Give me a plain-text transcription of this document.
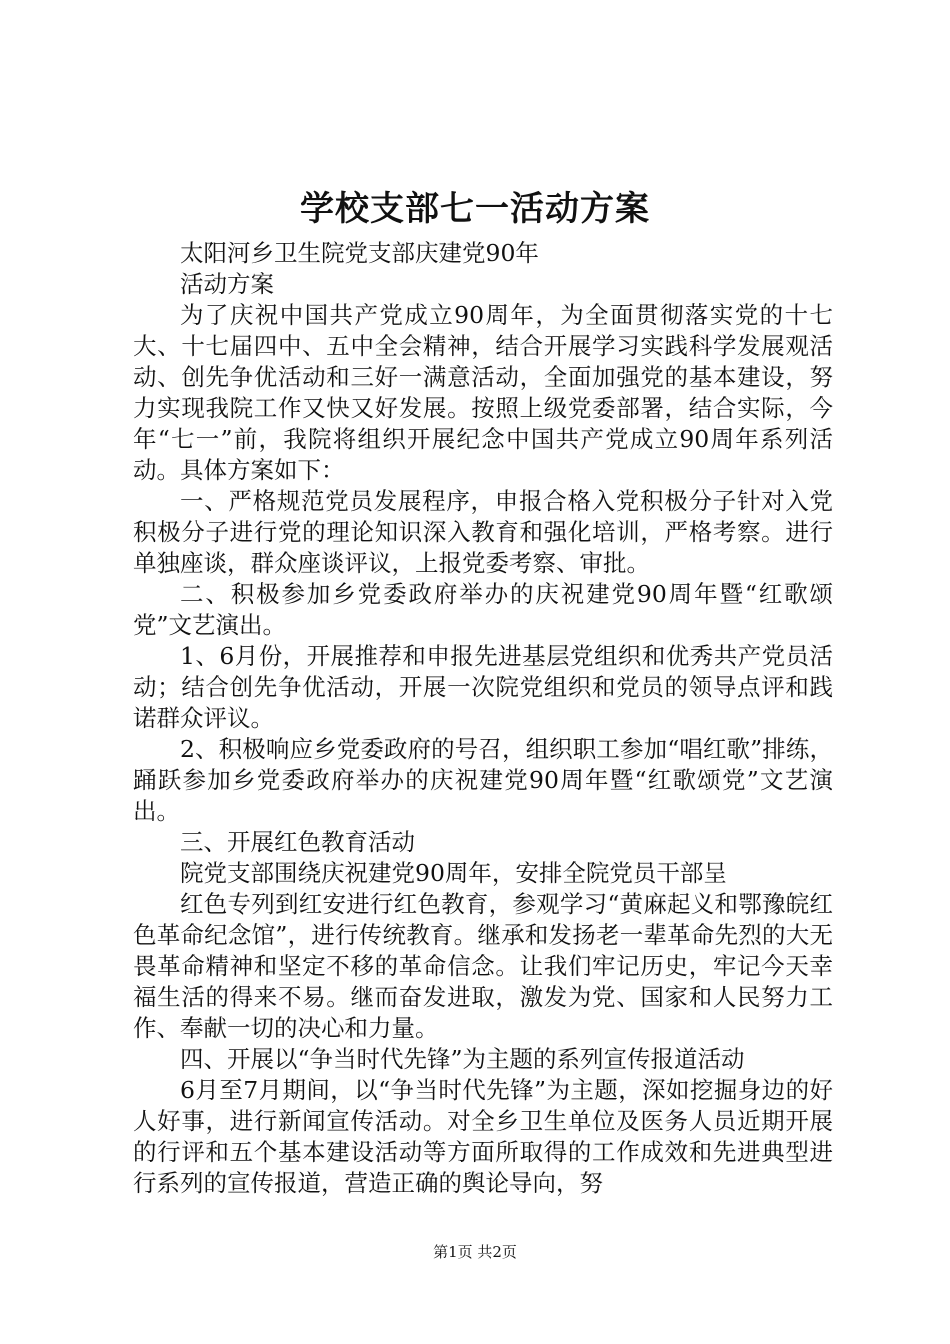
学校支部七一活动方案

太阳河乡卫生院党支部庆建党90年

活动方案

为了庆祝中国共产党成立90周年，为全面贯彻落实党的十七大、十七届四中、五中全会精神，结合开展学习实践科学发展观活动、创先争优活动和三好一满意活动，全面加强党的基本建设，努力实现我院工作又快又好发展。按照上级党委部署，结合实际，今年“七一”前，我院将组织开展纪念中国共产党成立90周年系列活动。具体方案如下：

一、严格规范党员发展程序，申报合格入党积极分子针对入党积极分子进行党的理论知识深入教育和强化培训，严格考察。进行单独座谈，群众座谈评议，上报党委考察、审批。

二、积极参加乡党委政府举办的庆祝建党90周年暨“红歌颂党”文艺演出。

1、6月份，开展推荐和申报先进基层党组织和优秀共产党员活动；结合创先争优活动，开展一次院党组织和党员的领导点评和践诺群众评议。

2、积极响应乡党委政府的号召，组织职工参加“唱红歌”排练，踊跃参加乡党委政府举办的庆祝建党90周年暨“红歌颂党”文艺演出。

三、开展红色教育活动

院党支部围绕庆祝建党90周年，安排全院党员干部呈

红色专列到红安进行红色教育，参观学习“黄麻起义和鄂豫皖红色革命纪念馆”，进行传统教育。继承和发扬老一辈革命先烈的大无畏革命精神和坚定不移的革命信念。让我们牢记历史，牢记今天幸福生活的得来不易。继而奋发进取，激发为党、国家和人民努力工作、奉献一切的决心和力量。

四、开展以“争当时代先锋”为主题的系列宣传报道活动

6月至7月期间，以“争当时代先锋”为主题，深如挖掘身边的好人好事，进行新闻宣传活动。对全乡卫生单位及医务人员近期开展的行评和五个基本建设活动等方面所取得的工作成效和先进典型进行系列的宣传报道，营造正确的舆论导向，努

第1页 共2页
